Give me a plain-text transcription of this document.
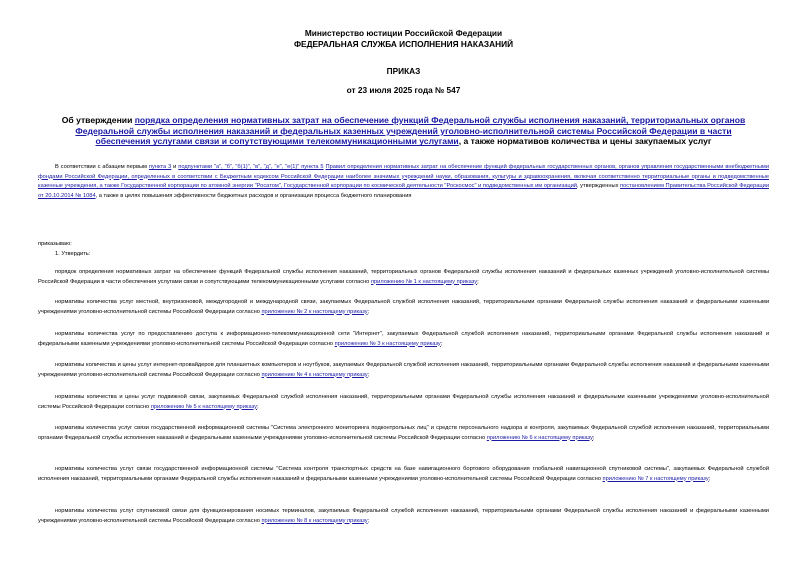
Министерство юстиции Российской Федерации
ФЕДЕРАЛЬНАЯ СЛУЖБА ИСПОЛНЕНИЯ НАКАЗАНИЙ
ПРИКАЗ
от 23 июля 2025 года № 547
Об утверждении порядка определения нормативных затрат на обеспечение функций Федеральной службы исполнения наказаний, территориальных органов Федеральной службы исполнения наказаний и федеральных казенных учреждений уголовно-исполнительной системы Российской Федерации в части обеспечения услугами связи и сопутствующими телекоммуникационными услугами, а также нормативов количества и цены закупаемых услуг
В соответствии с абзацем первым пункта 3 и подпунктами "а", "б", "б(1)", "в", "д", "е", "е(1)" пункта 5 Правил определения нормативных затрат на обеспечение функций федеральных государственных органов, органов управления государственными внебюджетными фондами Российской Федерации, определенных в соответствии с Бюджетным кодексом Российской Федерации наиболее значимых учреждений науки, образования, культуры и здравоохранения, включая соответственно территориальные органы и подведомственные казенные учреждения, а также Государственной корпорации по атомной энергии "Росатом", Государственной корпорации по космической деятельности "Роскосмос" и подведомственных им организаций, утвержденных постановлением Правительства Российской Федерации от 20.10.2014 № 1084, а также в целях повышения эффективности бюджетных расходов и организации процесса бюджетного планирования
приказываю:
1. Утвердить:
порядок определения нормативных затрат на обеспечение функций Федеральной службы исполнения наказаний, территориальных органов Федеральной службы исполнения наказаний и федеральных казенных учреждений уголовно-исполнительной системы Российской Федерации в части обеспечения услугами связи и сопутствующими телекоммуникационными услугами согласно приложению № 1 к настоящему приказу;
нормативы количества услуг местной, внутризоновой, междугородной и международной связи, закупаемых Федеральной службой исполнения наказаний, территориальными органами Федеральной службы исполнения наказаний и федеральными казенными учреждениями уголовно-исполнительной системы Российской Федерации согласно приложению № 2 к настоящему приказу;
нормативы количества услуг по предоставлению доступа к информационно-телекоммуникационной сети "Интернет", закупаемых Федеральной службой исполнения наказаний, территориальными органами Федеральной службы исполнения наказаний и федеральными казенными учреждениями уголовно-исполнительной системы Российской Федерации согласно приложению № 3 к настоящему приказу;
нормативы количества и цены услуг интернет-провайдеров для планшетных компьютеров и ноутбуков, закупаемых Федеральной службой исполнения наказаний, территориальными органами Федеральной службы исполнения наказаний и федеральными казенными учреждениями уголовно-исполнительной системы Российской Федерации согласно приложению № 4 к настоящему приказу;
нормативы количества и цены услуг подвижной связи, закупаемых Федеральной службой исполнения наказаний, территориальными органами Федеральной службы исполнения наказаний и федеральными казенными учреждениями уголовно-исполнительной системы Российской Федерации согласно приложению № 5 к настоящему приказу;
нормативы количества услуг связи государственной информационной системы "Система электронного мониторинга подконтрольных лиц" и средств персонального надзора и контроля, закупаемых Федеральной службой исполнения наказаний, территориальными органами Федеральной службы исполнения наказаний и федеральными казенными учреждениями уголовно-исполнительной системы Российской Федерации согласно приложению № 6 к настоящему приказу;
нормативы количества услуг связи государственной информационной системы "Система контроля транспортных средств на базе навигационного бортового оборудования глобальной навигационной спутниковой системы", закупаемых Федеральной службой исполнения наказаний, территориальными органами Федеральной службы исполнения наказаний и федеральными казенными учреждениями уголовно-исполнительной системы Российской Федерации согласно приложению № 7 к настоящему приказу;
нормативы количества услуг спутниковой связи для функционирования носимых терминалов, закупаемых Федеральной службой исполнения наказаний, территориальными органами Федеральной службы исполнения наказаний и федеральными казенными учреждениями уголовно-исполнительной системы Российской Федерации согласно приложению № 8 к настоящему приказу;
